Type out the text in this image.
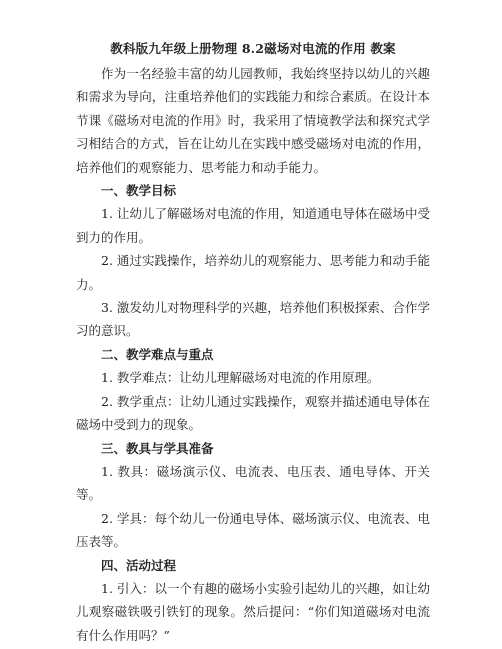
教科版九年级上册物理 8.2磁场对电流的作用 教案

作为一名经验丰富的幼儿园教师，我始终坚持以幼儿的兴趣和需求为导向，注重培养他们的实践能力和综合素质。在设计本节课《磁场对电流的作用》时，我采用了情境教学法和探究式学习相结合的方式，旨在让幼儿在实践中感受磁场对电流的作用，培养他们的观察能力、思考能力和动手能力。

一、教学目标

1. 让幼儿了解磁场对电流的作用，知道通电导体在磁场中受到力的作用。

2. 通过实践操作，培养幼儿的观察能力、思考能力和动手能力。

3. 激发幼儿对物理科学的兴趣，培养他们积极探索、合作学习的意识。

二、教学难点与重点

1. 教学难点：让幼儿理解磁场对电流的作用原理。

2. 教学重点：让幼儿通过实践操作，观察并描述通电导体在磁场中受到力的现象。

三、教具与学具准备

1. 教具：磁场演示仪、电流表、电压表、通电导体、开关等。

2. 学具：每个幼儿一份通电导体、磁场演示仪、电流表、电压表等。

四、活动过程

1. 引入：以一个有趣的磁场小实验引起幼儿的兴趣，如让幼儿观察磁铁吸引铁钉的现象。然后提问：“你们知道磁场对电流有什么作用吗？”
